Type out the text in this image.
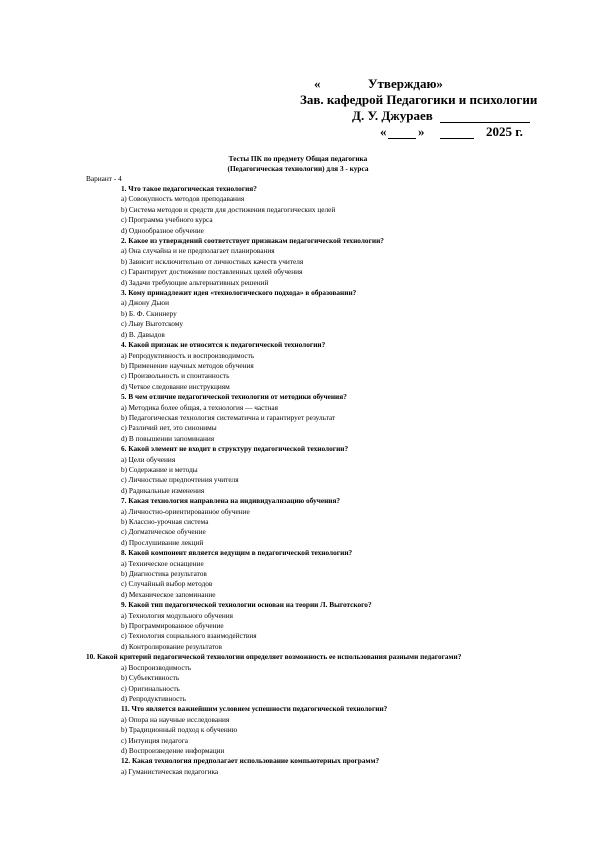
«	Утверждаю»
Зав. кафедрой Педагогики и психологии
Д. У. Джураев
« »	2025 г.
Тесты ПК по предмету Общая педагогика
(Педагогическая технологии) для 3 - курса
Вариант - 4
1. Что такое педагогическая технология?
a) Совокупность методов преподавания
b) Система методов и средств для достижения педагогических целей
c) Программа учебного курса
d) Однообразное обучение
2. Какое из утверждений соответствует признакам педагогической технологии?
a) Она случайна и не предполагает планирования
b) Зависит исключительно от личностных качеств учителя
c) Гарантирует достижение поставленных целей обучения
d) Задачи требующие альтернативных решений
3. Кому принадлежит идея «технологического подхода» в образовании?
a) Джону Дьюи
b) Б. Ф. Скиннеру
c) Льву Выготскому
d) В. Давыдов
4. Какой признак не относится к педагогической технологии?
a) Репродуктивность и воспроизводимость
b) Применение научных методов обучения
c) Произвольность и спонтанность
d) Четкое следование инструкциям
5. В чем отличие педагогической технологии от методики обучения?
a) Методика более общая, а технология — частная
b) Педагогическая технология систематична и гарантирует результат
c) Различий нет, это синонимы
d) В повышении запоминания
6. Какой элемент не входит в структуру педагогической технологии?
a) Цели обучения
b) Содержание и методы
c) Личностные предпочтения учителя
d) Радикальные изменения
7. Какая технология направлена на индивидуализацию обучения?
a) Личностно-ориентированное обучение
b) Классно-урочная система
c) Догматическое обучение
d) Прослушивание лекций
8. Какой компонент является ведущим в педагогической технологии?
a) Техническое оснащение
b) Диагностика результатов
c) Случайный выбор методов
d) Механическое запоминание
9. Какой тип педагогической технологии основан на теории Л. Выготского?
a) Технология модульного обучения
b) Программированное обучение
c) Технология социального взаимодействия
d) Контролирование результатов
10. Какой критерий педагогической технологии определяет возможность ее использования разными педагогами?
a) Воспроизводимость
b) Субъективность
c) Оригинальность
d) Репродуктивность
11. Что является важнейшим условием успешности педагогической технологии?
a) Опора на научные исследования
b) Традиционный подход к обучению
c) Интуиция педагога
d) Воспроизведение информации
12. Какая технология предполагает использование компьютерных программ?
a) Гуманистическая педагогика
